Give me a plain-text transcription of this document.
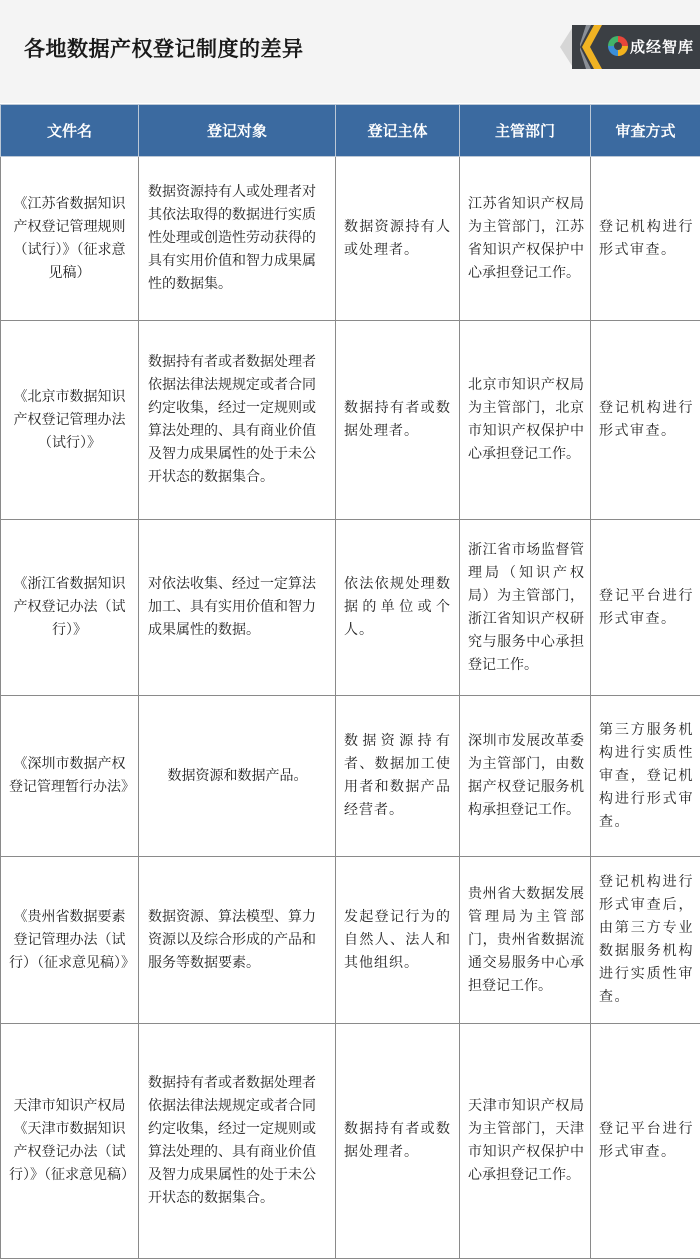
各地数据产权登记制度的差异	成经智库
文件名	登记对象	登记主体	主管部门	审查方式
《江苏省数据知识产权登记管理规则（试行）》（征求意见稿）	数据资源持有人或处理者对其依法取得的数据进行实质性处理或创造性劳动获得的具有实用价值和智力成果属性的数据集。	数据资源持有人或处理者。	江苏省知识产权局为主管部门，江苏省知识产权保护中心承担登记工作。	登记机构进行形式审查。
《北京市数据知识产权登记管理办法（试行）》	数据持有者或者数据处理者依据法律法规规定或者合同约定收集，经过一定规则或算法处理的、具有商业价值及智力成果属性的处于未公开状态的数据集合。	数据持有者或数据处理者。	北京市知识产权局为主管部门，北京市知识产权保护中心承担登记工作。	登记机构进行形式审查。
《浙江省数据知识产权登记办法（试行）》	对依法收集、经过一定算法加工、具有实用价值和智力成果属性的数据。	依法依规处理数据的单位或个人。	浙江省市场监督管理局（知识产权局）为主管部门，浙江省知识产权研究与服务中心承担登记工作。	登记平台进行形式审查。
《深圳市数据产权登记管理暂行办法》	数据资源和数据产品。	数据资源持有者、数据加工使用者和数据产品经营者。	深圳市发展改革委为主管部门，由数据产权登记服务机构承担登记工作。	第三方服务机构进行实质性审查，登记机构进行形式审查。
《贵州省数据要素登记管理办法（试行）（征求意见稿）》	数据资源、算法模型、算力资源以及综合形成的产品和服务等数据要素。	发起登记行为的自然人、法人和其他组织。	贵州省大数据发展管理局为主管部门，贵州省数据流通交易服务中心承担登记工作。	登记机构进行形式审查后，由第三方专业数据服务机构进行实质性审查。
天津市知识产权局《天津市数据知识产权登记办法（试行）》（征求意见稿）	数据持有者或者数据处理者依据法律法规规定或者合同约定收集，经过一定规则或算法处理的、具有商业价值及智力成果属性的处于未公开状态的数据集合。	数据持有者或数据处理者。	天津市知识产权局为主管部门，天津市知识产权保护中心承担登记工作。	登记平台进行形式审查。
